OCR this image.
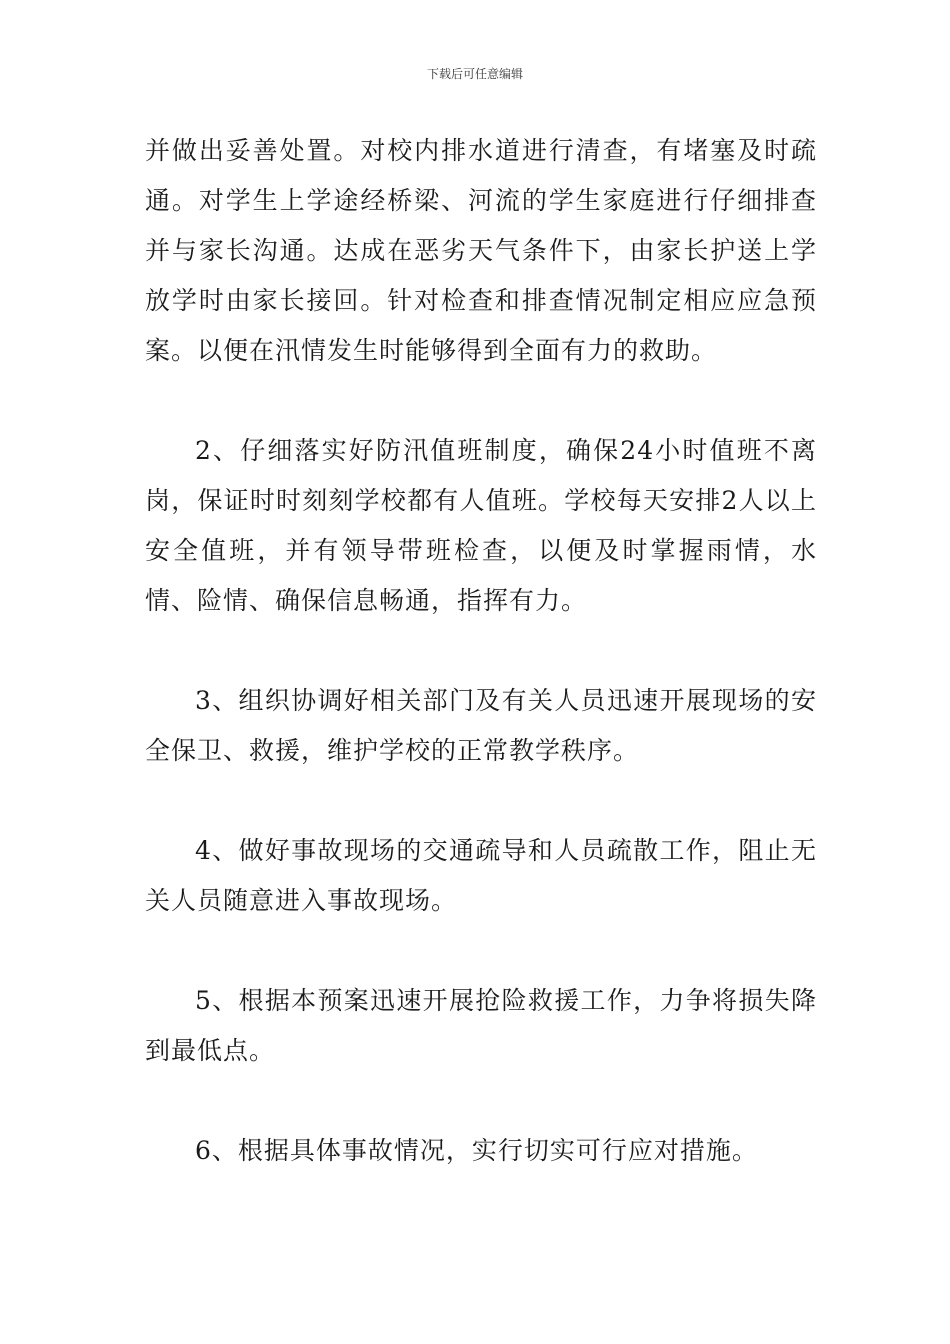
下载后可任意编辑

并做出妥善处置。对校内排水道进行清查，有堵塞及时疏通。对学生上学途经桥梁、河流的学生家庭进行仔细排查并与家长沟通。达成在恶劣天气条件下，由家长护送上学放学时由家长接回。针对检查和排查情况制定相应应急预案。以便在汛情发生时能够得到全面有力的救助。

2、仔细落实好防汛值班制度，确保24小时值班不离岗，保证时时刻刻学校都有人值班。学校每天安排2人以上安全值班，并有领导带班检查，以便及时掌握雨情，水情、险情、确保信息畅通，指挥有力。

3、组织协调好相关部门及有关人员迅速开展现场的安全保卫、救援，维护学校的正常教学秩序。

4、做好事故现场的交通疏导和人员疏散工作，阻止无关人员随意进入事故现场。

5、根据本预案迅速开展抢险救援工作，力争将损失降到最低点。

6、根据具体事故情况，实行切实可行应对措施。
